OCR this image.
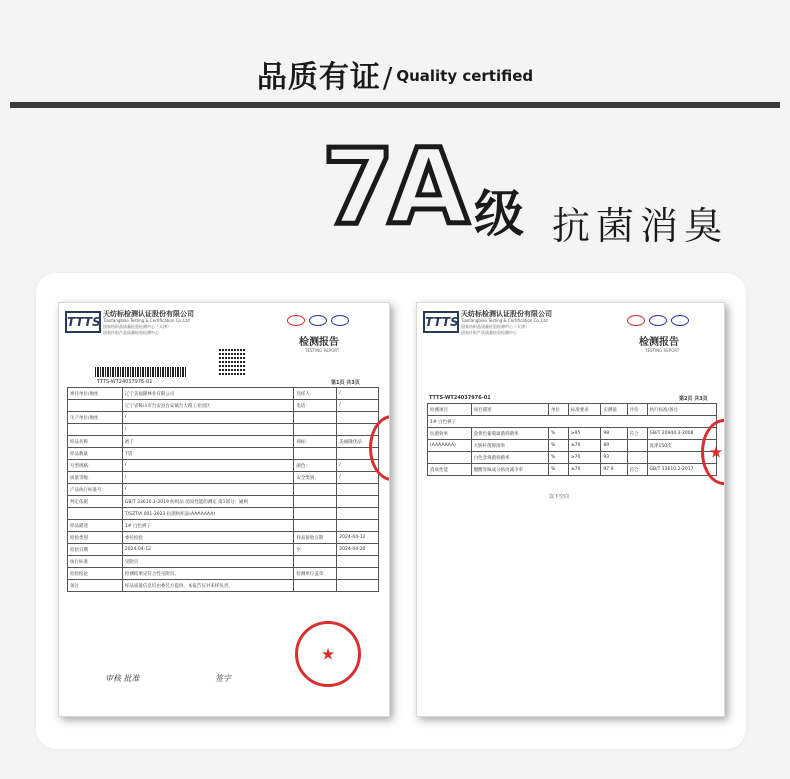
品质有证/ Quality certified
7A 级 抗菌消臭
TTTS
天纺标检测认证股份有限公司
Tianfangbiao Testing & Certification Co.,Ltd
国家纺织品质量检验检测中心（天津）
国家针织产品质量检验检测中心
检测报告
TESTING REPORT
TTTS-WT24037976-01	第1页 共3页
委托单位/地址	辽宁美福隆林业有限公司	送样人：	/
	辽宁省鞍山市台安县台安镇台大路工业园区	电话：	/
生产单位/地址	/		
	/		
样品名称	被子	商标：	美福隆优品
样品数量	7袋		
号型规格：	/	颜色：	/
质量等级：	/	安全类别：	/
产品执行标准号：	/		
判定依据	GB/T 33610.1-2019 纺织品 消臭性能的测定 第1部分：通则		
	T/SZTIA 001-2023 抗菌纺织品(AAAAAAA)		
样品描述	1# 白色被子		
检验类别	委托检验	样品接收日期	2024-04-12
检验日期	2024-04-12	至	2024-04-20
执行标准	见附页		
检验结论	检测结果见符合性见附页。	检测单位盖章	
备注	样品质量信息均由委托方提供，本报告仅对来样负责。		
★
审核 批准	签字
TTTS
天纺标检测认证股份有限公司
Tianfangbiao Testing & Certification Co.,Ltd
国家纺织品质量检验检测中心（天津）
国家针织产品质量检验检测中心
检测报告
TESTING REPORT
TTTS-WT24037976-01	第2页 共3页
检测项目	项目描述	单位	标准要求	实测值	评价	执行标准/备注
1# 白色被子						
抗菌效果	金黄色葡萄球菌抑菌率	%	≥95	98	符合	GB/T 20944.3-2008
(AAAAAAA)	大肠杆菌抑菌率	%	≥70	89		洗涤150次
	白色念珠菌抑菌率	%	≥70	93		
消臭性能	醋酸异味成分浓度减少率	%	≥70	97.9	符合	GB/T 33610.2-2017
以下空白
★
